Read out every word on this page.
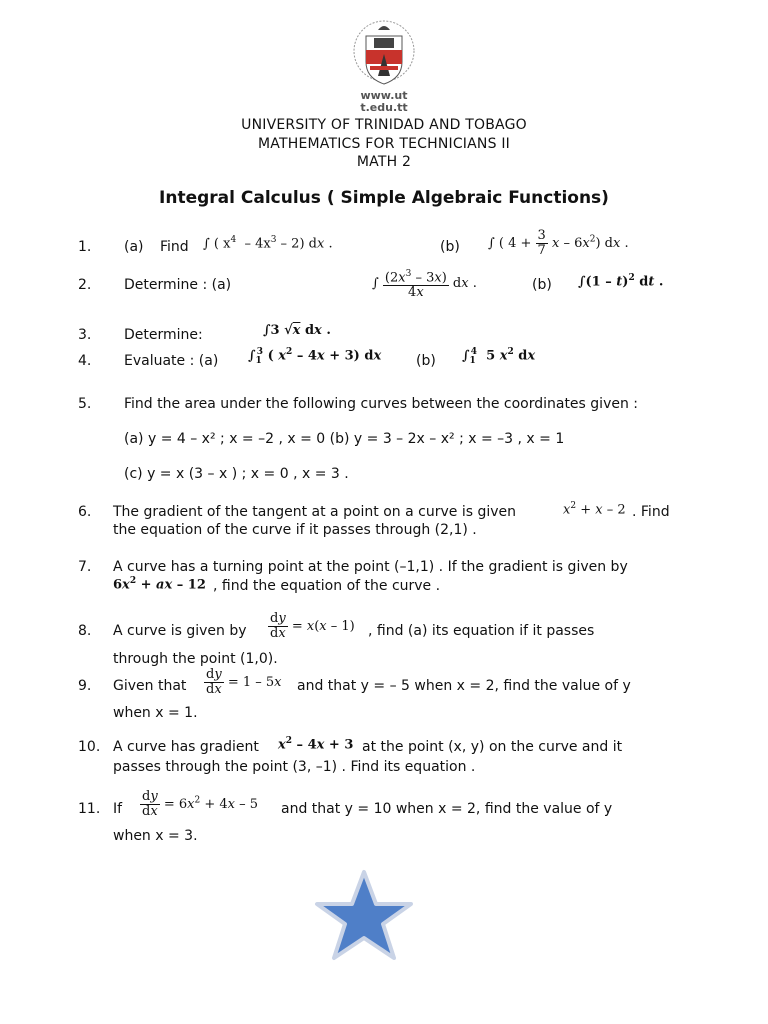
www.ut
t.edu.tt
UNIVERSITY OF TRINIDAD AND TOBAGO
MATHEMATICS FOR TECHNICIANS II
MATH 2
Integral Calculus ( Simple Algebraic Functions)
1. (a) Find ∫ ( $x^4 - 4x^3 - 2$) dx .	(b) ∫ ( $4 + \frac{3}{7}$ x – $6x^2$) dx .
2. Determine : (a)	∫ $\frac{(2x^3 - 3x)}{4x}$ dx .	(b) ∫(1 – t)$^2$ dt .
3. Determine:	∫3 √x dx .
4. Evaluate : (a) $\int_1^3$ ( $x^2 - 4x + 3$) dx (b) $\int_1^4$  5 $x^2$ dx
5. Find the area under the following curves between the coordinates given :
(a) y = 4 – x² ; x = –2 , x = 0 (b) y = 3 – 2x – x² ; x = –3 , x = 1
(c) y = x (3 – x ) ; x = 0 , x = 3 .
6. The gradient of the tangent at a point on a curve is given	$x^2 + x - 2$ . Find
the equation of the curve if it passes through (2,1) .
7. A curve has a turning point at the point (–1,1) . If the gradient is given by
$6x^2$ + ax – 12 , find the equation of the curve .
8. A curve is given by $\frac{dy}{dx} = x(x - 1)$ , find (a) its equation if it passes
through the point (1,0).
9. Given that $\frac{dy}{dx} = 1 - 5x$ and that y = – 5 when x = 2, find the value of y
when x = 1.
10. A curve has gradient $x^2 - 4x + 3$ at the point (x, y) on the curve and it
passes through the point (3, –1) . Find its equation .
11. If $\frac{dy}{dx} = 6x^2 + 4x - 5$ and that y = 10 when x = 2, find the value of y
when x = 3.
